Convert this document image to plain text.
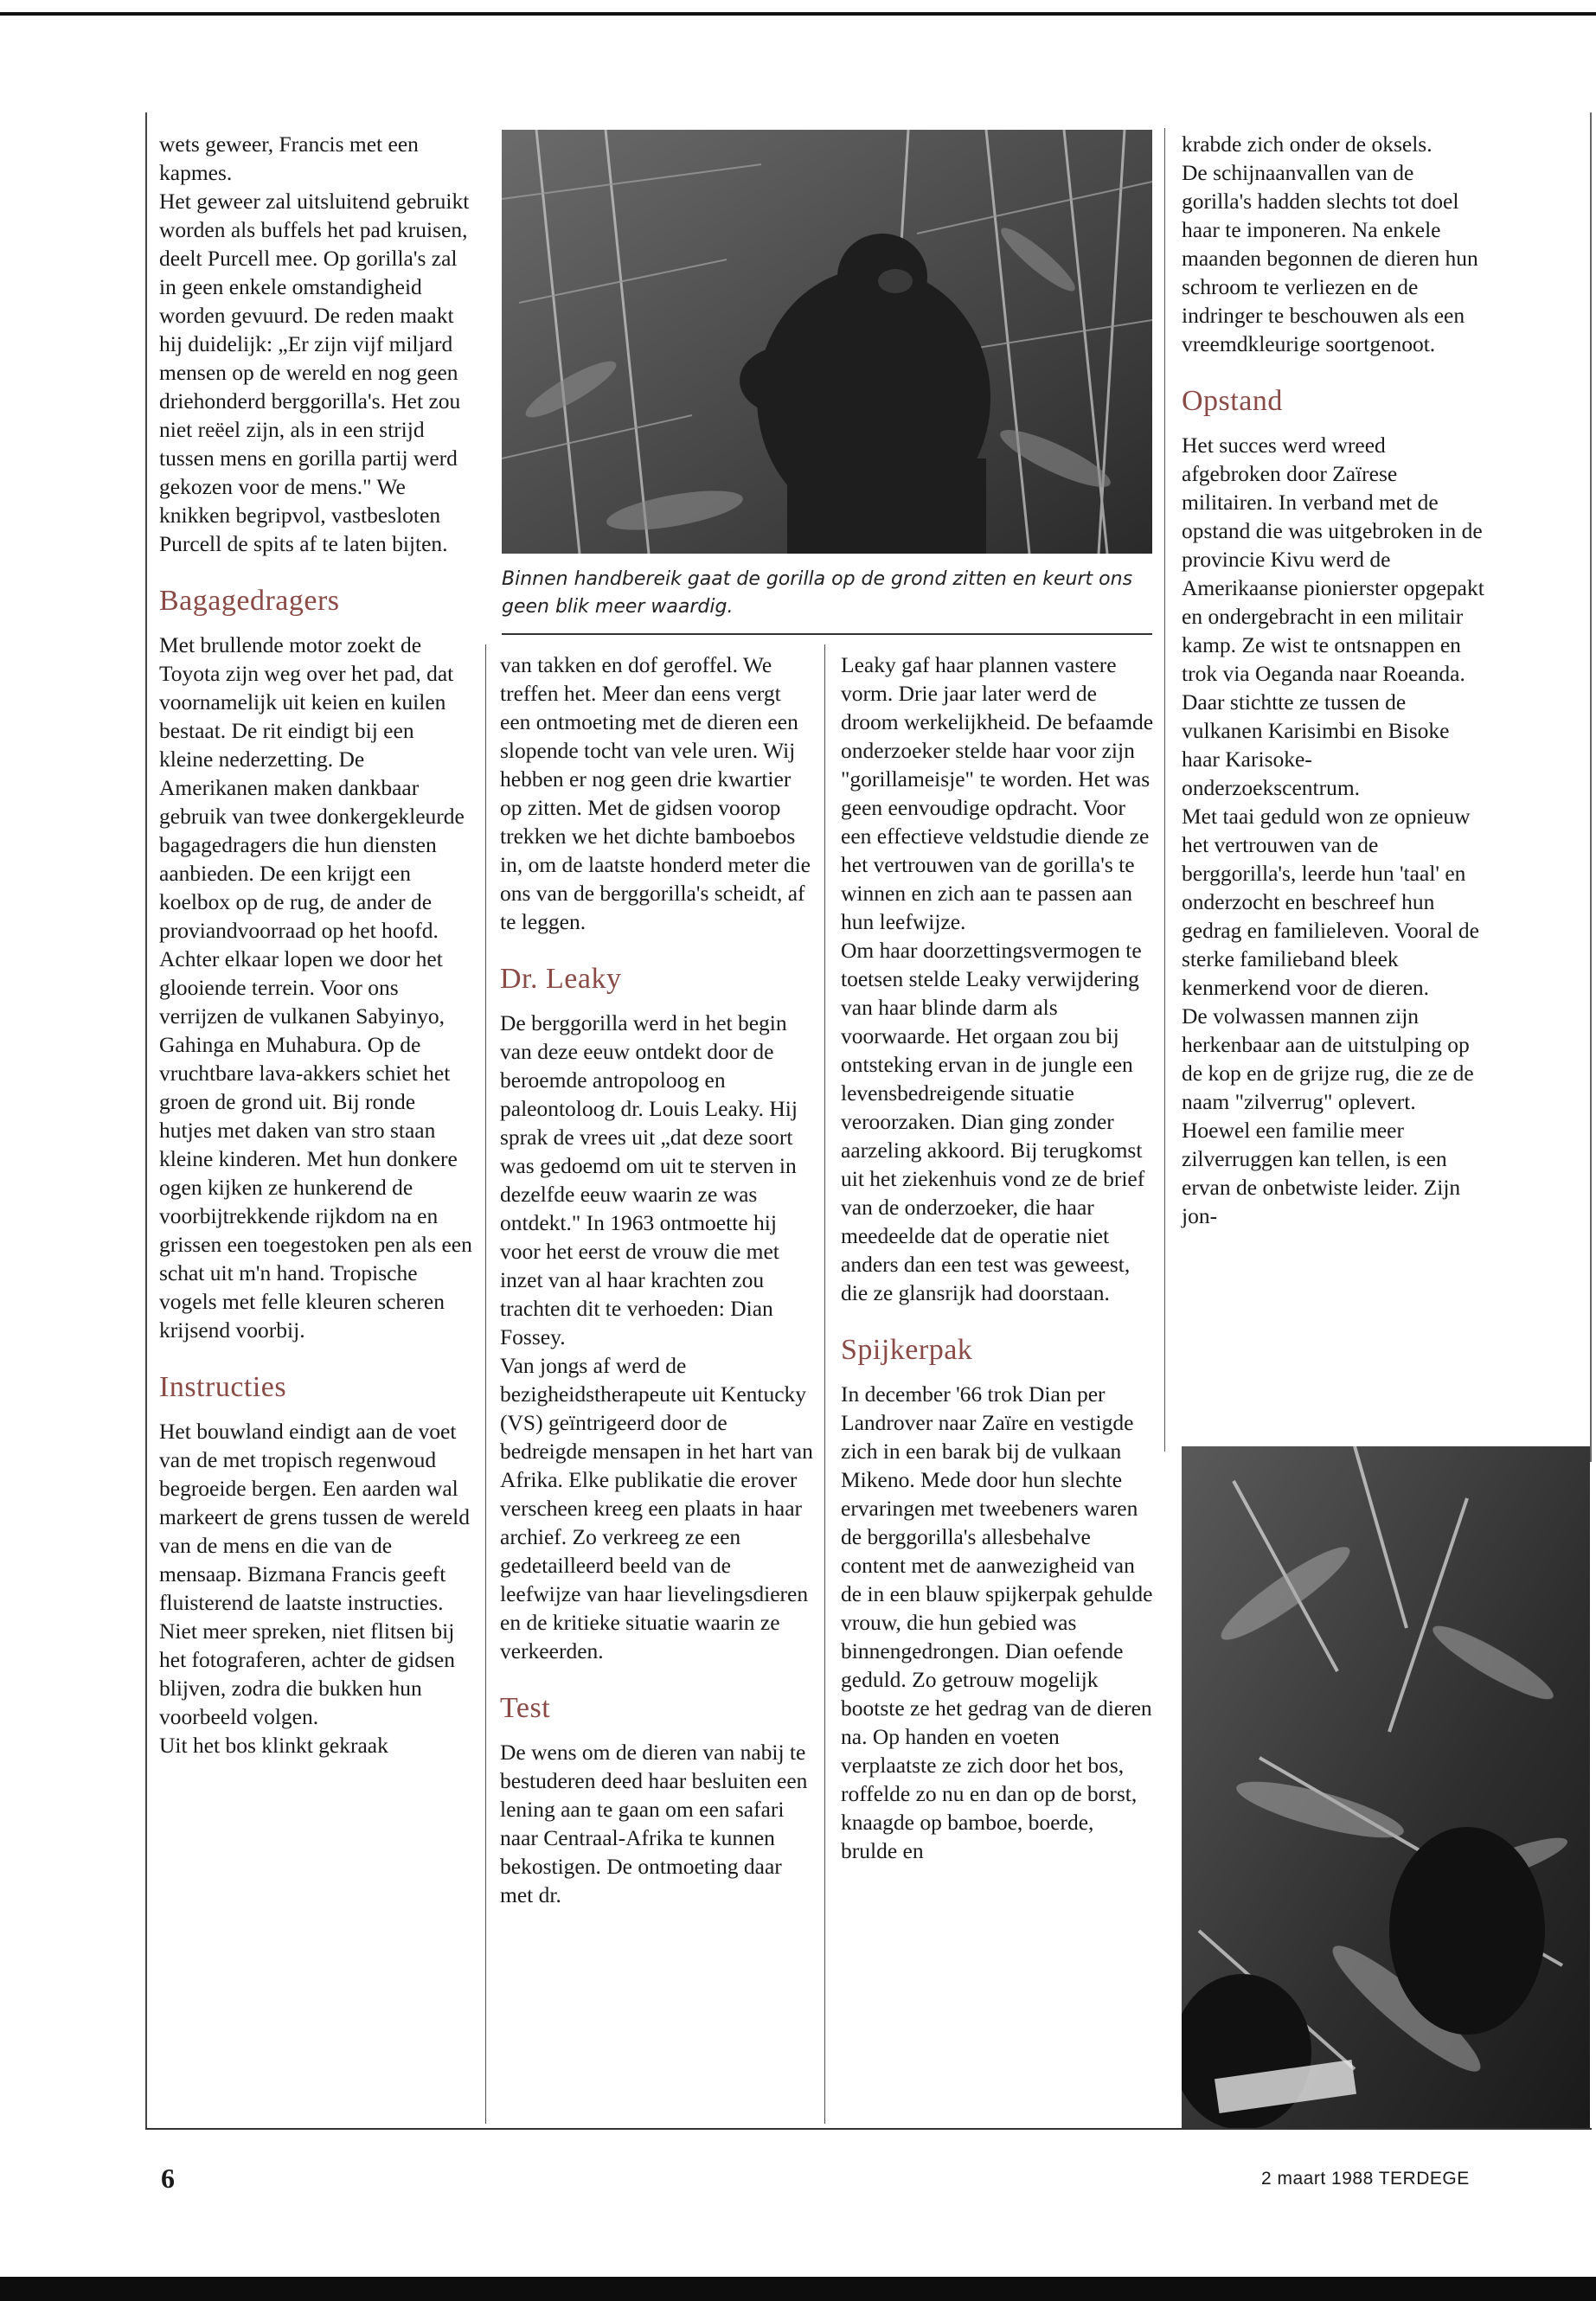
Binnen handbereik gaat de gorilla op de grond zitten en keurt ons geen blik meer waardig.

wets geweer, Francis met een kapmes.
Het geweer zal uitsluitend gebruikt worden als buffels het pad kruisen, deelt Purcell mee. Op gorilla's zal in geen enkele omstandigheid worden gevuurd. De reden maakt hij duidelijk: „Er zijn vijf miljard mensen op de wereld en nog geen driehonderd berggorilla's. Het zou niet reëel zijn, als in een strijd tussen mens en gorilla partij werd gekozen voor de mens." We knikken begripvol, vastbesloten Purcell de spits af te laten bijten.

Bagagedragers

Met brullende motor zoekt de Toyota zijn weg over het pad, dat voornamelijk uit keien en kuilen bestaat. De rit eindigt bij een kleine nederzetting. De Amerikanen maken dankbaar gebruik van twee donkergekleurde bagagedragers die hun diensten aanbieden. De een krijgt een koelbox op de rug, de ander de proviandvoorraad op het hoofd.

Achter elkaar lopen we door het glooiende terrein. Voor ons verrijzen de vulkanen Sabyinyo, Gahinga en Muhabura. Op de vruchtbare lava-akkers schiet het groen de grond uit. Bij ronde hutjes met daken van stro staan kleine kinderen. Met hun donkere ogen kijken ze hunkerend de voorbijtrekkende rijkdom na en grissen een toegestoken pen als een schat uit m'n hand. Tropische vogels met felle kleuren scheren krijsend voorbij.

Instructies

Het bouwland eindigt aan de voet van de met tropisch regenwoud begroeide bergen. Een aarden wal markeert de grens tussen de wereld van de mens en die van de mensaap. Bizmana Francis geeft fluisterend de laatste instructies. Niet meer spreken, niet flitsen bij het fotograferen, achter de gidsen blijven, zodra die bukken hun voorbeeld volgen.
Uit het bos klinkt gekraak

van takken en dof geroffel. We treffen het. Meer dan eens vergt een ontmoeting met de dieren een slopende tocht van vele uren. Wij hebben er nog geen drie kwartier op zitten. Met de gidsen voorop trekken we het dichte bamboebos in, om de laatste honderd meter die ons van de berggorilla's scheidt, af te leggen.

Dr. Leaky

De berggorilla werd in het begin van deze eeuw ontdekt door de beroemde antropoloog en paleontoloog dr. Louis Leaky. Hij sprak de vrees uit „dat deze soort was gedoemd om uit te sterven in dezelfde eeuw waarin ze was ontdekt." In 1963 ontmoette hij voor het eerst de vrouw die met inzet van al haar krachten zou trachten dit te verhoeden: Dian Fossey.
Van jongs af werd de bezigheidstherapeute uit Kentucky (VS) geïntrigeerd door de bedreigde mensapen in het hart van Afrika. Elke publikatie die erover verscheen kreeg een plaats in haar archief. Zo verkreeg ze een gedetailleerd beeld van de leefwijze van haar lievelingsdieren en de kritieke situatie waarin ze verkeerden.

Test

De wens om de dieren van nabij te bestuderen deed haar besluiten een lening aan te gaan om een safari naar Centraal-Afrika te kunnen bekostigen. De ontmoeting daar met dr.

Leaky gaf haar plannen vastere vorm. Drie jaar later werd de droom werkelijkheid. De befaamde onderzoeker stelde haar voor zijn "gorillameisje" te worden. Het was geen eenvoudige opdracht. Voor een effectieve veldstudie diende ze het vertrouwen van de gorilla's te winnen en zich aan te passen aan hun leefwijze.
Om haar doorzettingsvermogen te toetsen stelde Leaky verwijdering van haar blinde darm als voorwaarde. Het orgaan zou bij ontsteking ervan in de jungle een levensbedreigende situatie veroorzaken. Dian ging zonder aarzeling akkoord. Bij terugkomst uit het ziekenhuis vond ze de brief van de onderzoeker, die haar meedeelde dat de operatie niet anders dan een test was geweest, die ze glansrijk had doorstaan.

Spijkerpak

In december '66 trok Dian per Landrover naar Zaïre en vestigde zich in een barak bij de vulkaan Mikeno. Mede door hun slechte ervaringen met tweebeners waren de berggorilla's allesbehalve content met de aanwezigheid van de in een blauw spijkerpak gehulde vrouw, die hun gebied was binnengedrongen. Dian oefende geduld. Zo getrouw mogelijk bootste ze het gedrag van de dieren na. Op handen en voeten verplaatste ze zich door het bos, roffelde zo nu en dan op de borst, knaagde op bamboe, boerde, brulde en

krabde zich onder de oksels.
De schijnaanvallen van de gorilla's hadden slechts tot doel haar te imponeren. Na enkele maanden begonnen de dieren hun schroom te verliezen en de indringer te beschouwen als een vreemdkleurige soortgenoot.

Opstand

Het succes werd wreed afgebroken door Zaïrese militairen. In verband met de opstand die was uitgebroken in de provincie Kivu werd de Amerikaanse pionierster opgepakt en ondergebracht in een militair kamp. Ze wist te ontsnappen en trok via Oeganda naar Roeanda. Daar stichtte ze tussen de vulkanen Karisimbi en Bisoke haar Karisoke-onderzoekscentrum.
Met taai geduld won ze opnieuw het vertrouwen van de berggorilla's, leerde hun 'taal' en onderzocht en beschreef hun gedrag en familieleven. Vooral de sterke familieband bleek kenmerkend voor de dieren.
De volwassen mannen zijn herkenbaar aan de uitstulping op de kop en de grijze rug, die ze de naam "zilverrug" oplevert. Hoewel een familie meer zilverruggen kan tellen, is een ervan de onbetwiste leider. Zijn jon-

6	2 maart 1988 TERDEGE
